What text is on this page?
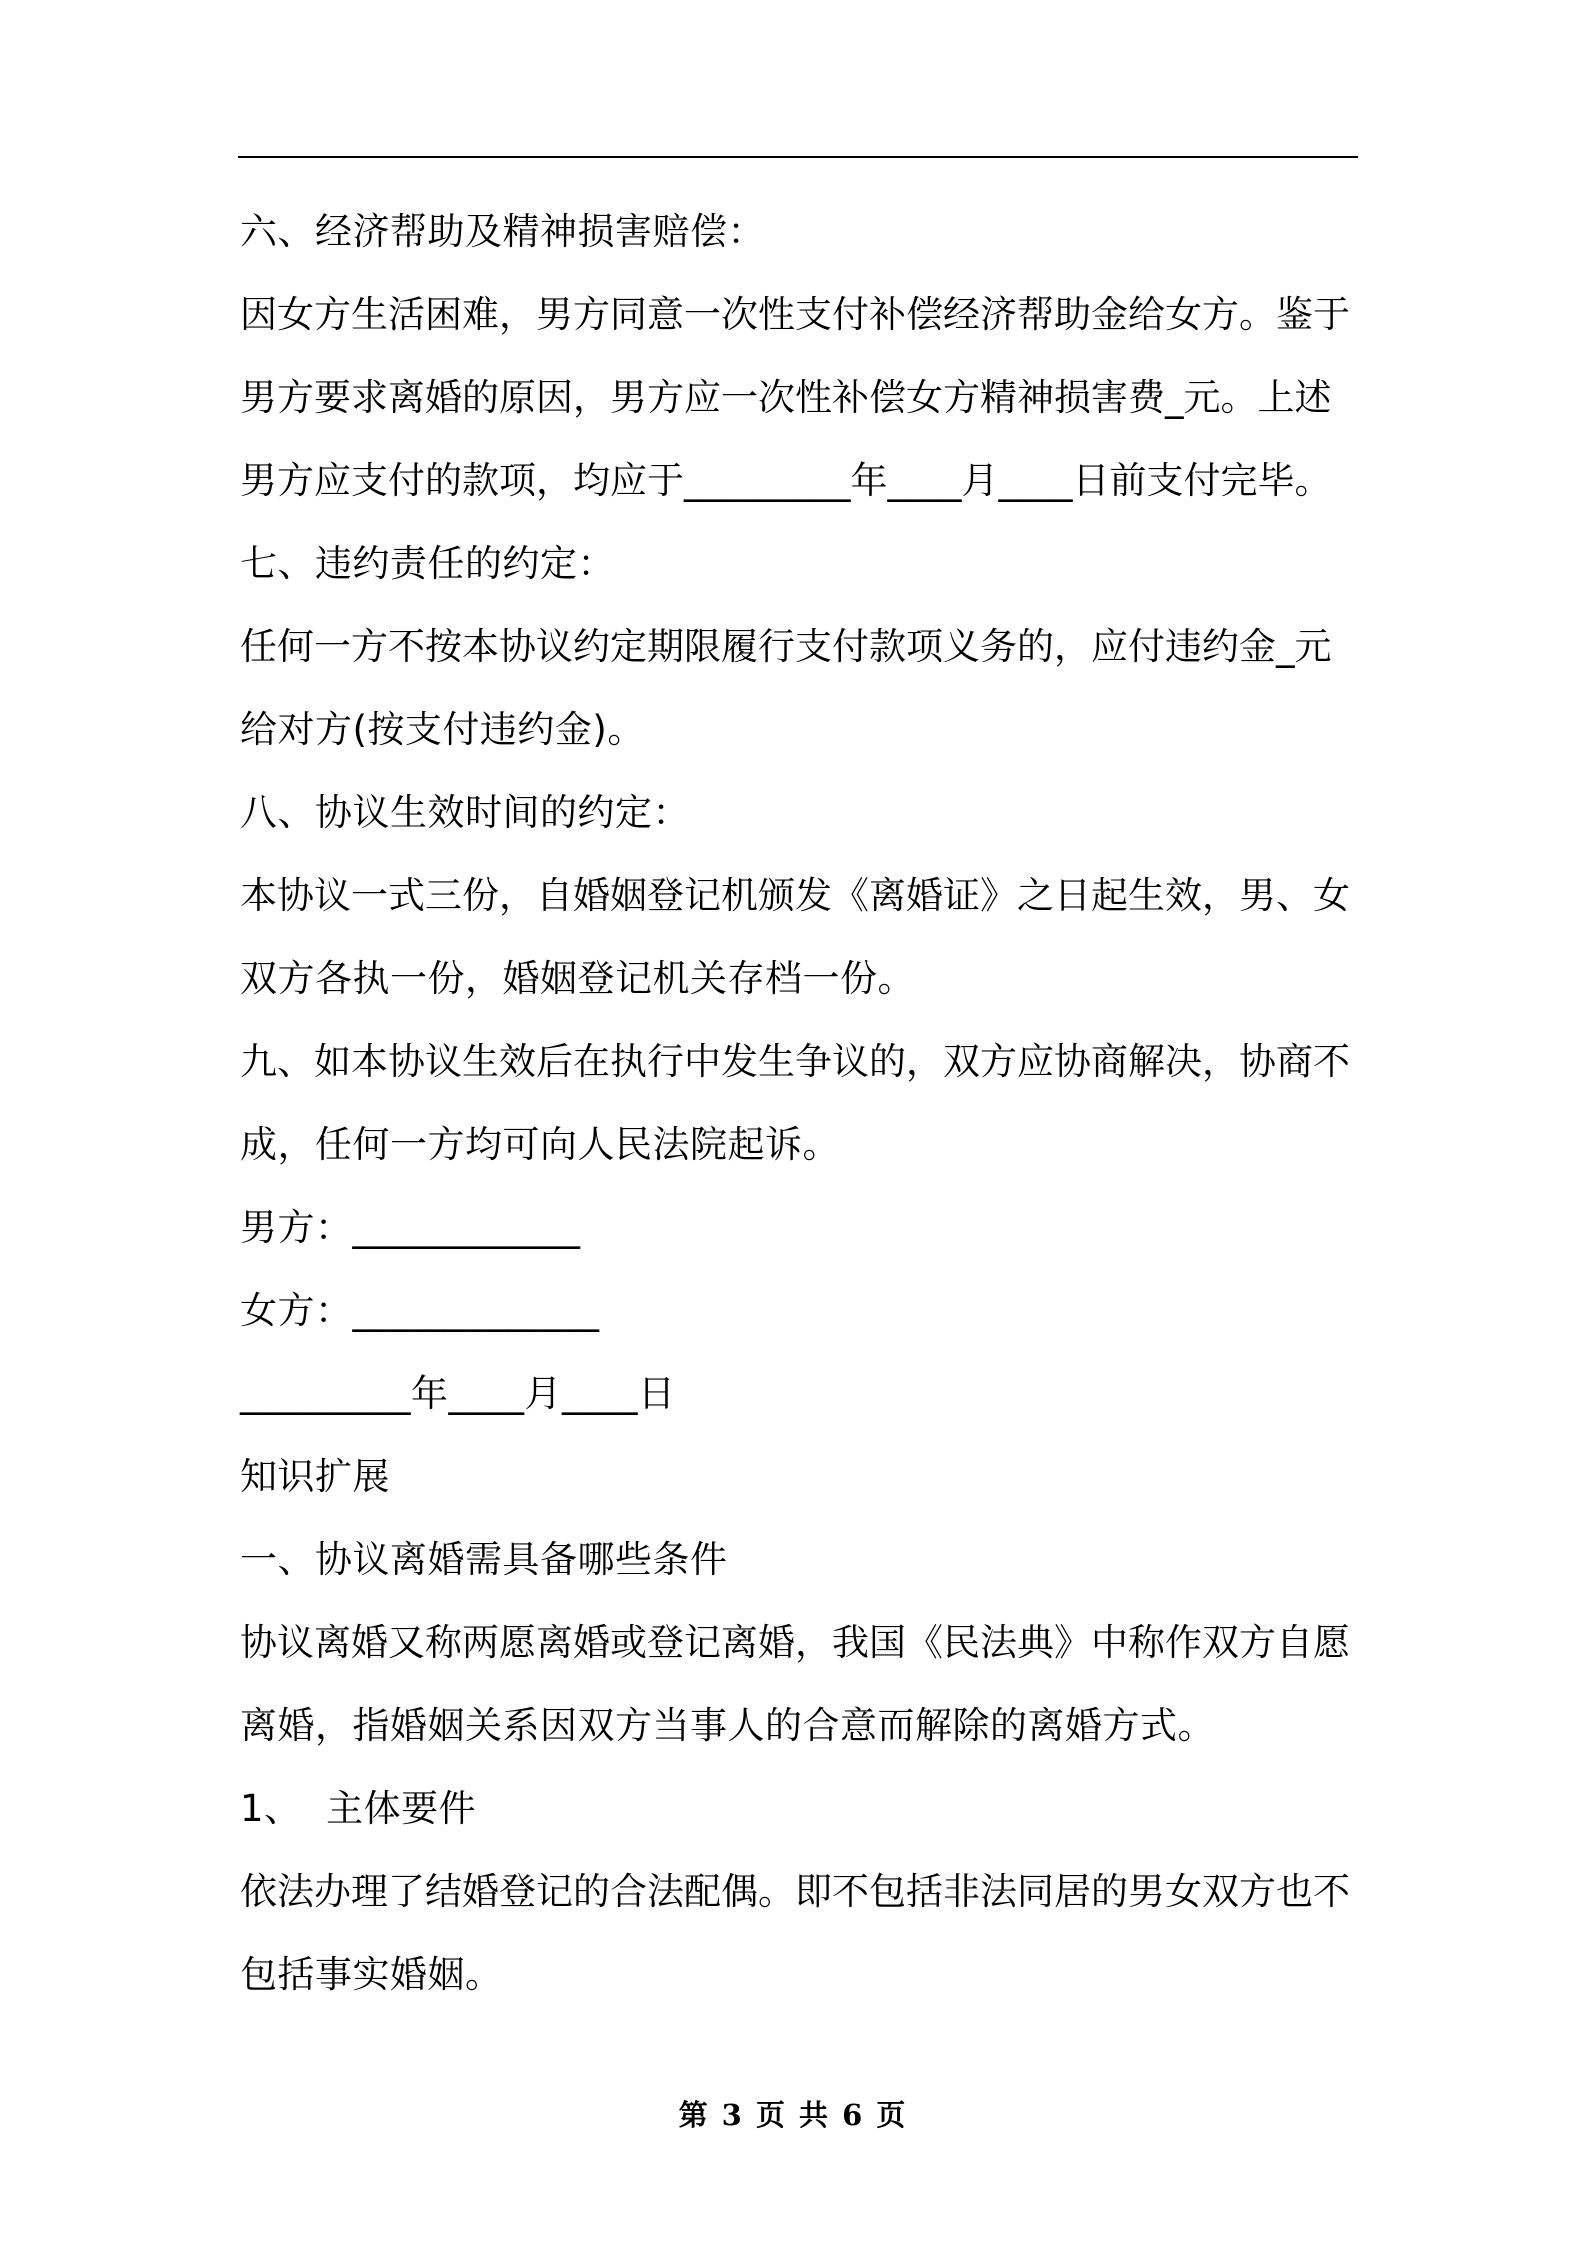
六、经济帮助及精神损害赔偿：

因女方生活困难，男方同意一次性支付补偿经济帮助金给女方。鉴于

男方要求离婚的原因，男方应一次性补偿女方精神损害费_元。上述

男方应支付的款项，均应于_________年____月____日前支付完毕。

七、违约责任的约定：

任何一方不按本协议约定期限履行支付款项义务的，应付违约金_元

给对方(按支付违约金)。

八、协议生效时间的约定：

本协议一式三份，自婚姻登记机颁发《离婚证》之日起生效，男、女

双方各执一份，婚姻登记机关存档一份。

九、如本协议生效后在执行中发生争议的，双方应协商解决，协商不

成，任何一方均可向人民法院起诉。

男方：____________

女方：_____________

_________年____月____日

知识扩展

一、协议离婚需具备哪些条件

协议离婚又称两愿离婚或登记离婚，我国《民法典》中称作双方自愿

离婚，指婚姻关系因双方当事人的合意而解除的离婚方式。

1、  主体要件

依法办理了结婚登记的合法配偶。即不包括非法同居的男女双方也不

包括事实婚姻。

第 3 页 共 6 页
